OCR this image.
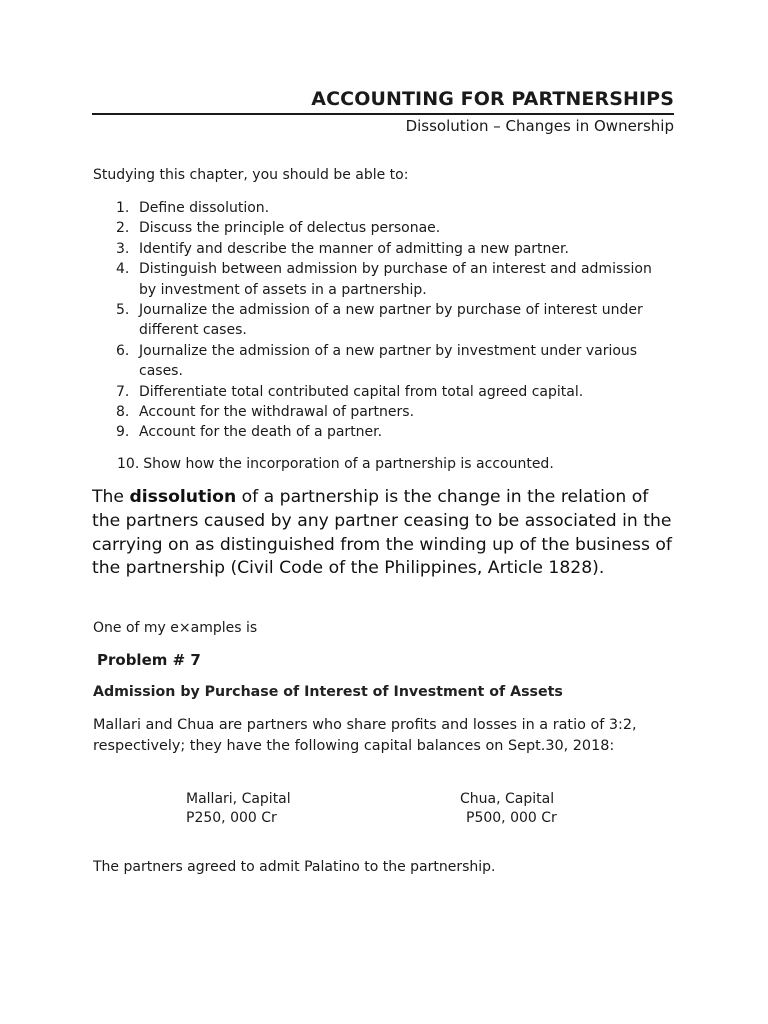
ACCOUNTING FOR PARTNERSHIPS
Dissolution – Changes in Ownership
Studying this chapter, you should be able to:
1. Define dissolution.
2. Discuss the principle of delectus personae.
3. Identify and describe the manner of admitting a new partner.
4. Distinguish between admission by purchase of an interest and admission by investment of assets in a partnership.
5. Journalize the admission of a new partner by purchase of interest under different cases.
6. Journalize the admission of a new partner by investment under various cases.
7. Differentiate total contributed capital from total agreed capital.
8. Account for the withdrawal of partners.
9. Account for the death of a partner.
10. Show how the incorporation of a partnership is accounted.

The dissolution of a partnership is the change in the relation of the partners caused by any partner ceasing to be associated in the carrying on as distinguished from the winding up of the business of the partnership (Civil Code of the Philippines, Article 1828).

One of my e×amples is
Problem # 7
Admission by Purchase of Interest of Investment of Assets

Mallari and Chua are partners who share profits and losses in a ratio of 3:2, respectively; they have the following capital balances on Sept.30, 2018:

Mallari, Capital
P250, 000 Cr
Chua, Capital
P500, 000 Cr
The partners agreed to admit Palatino to the partnership.
